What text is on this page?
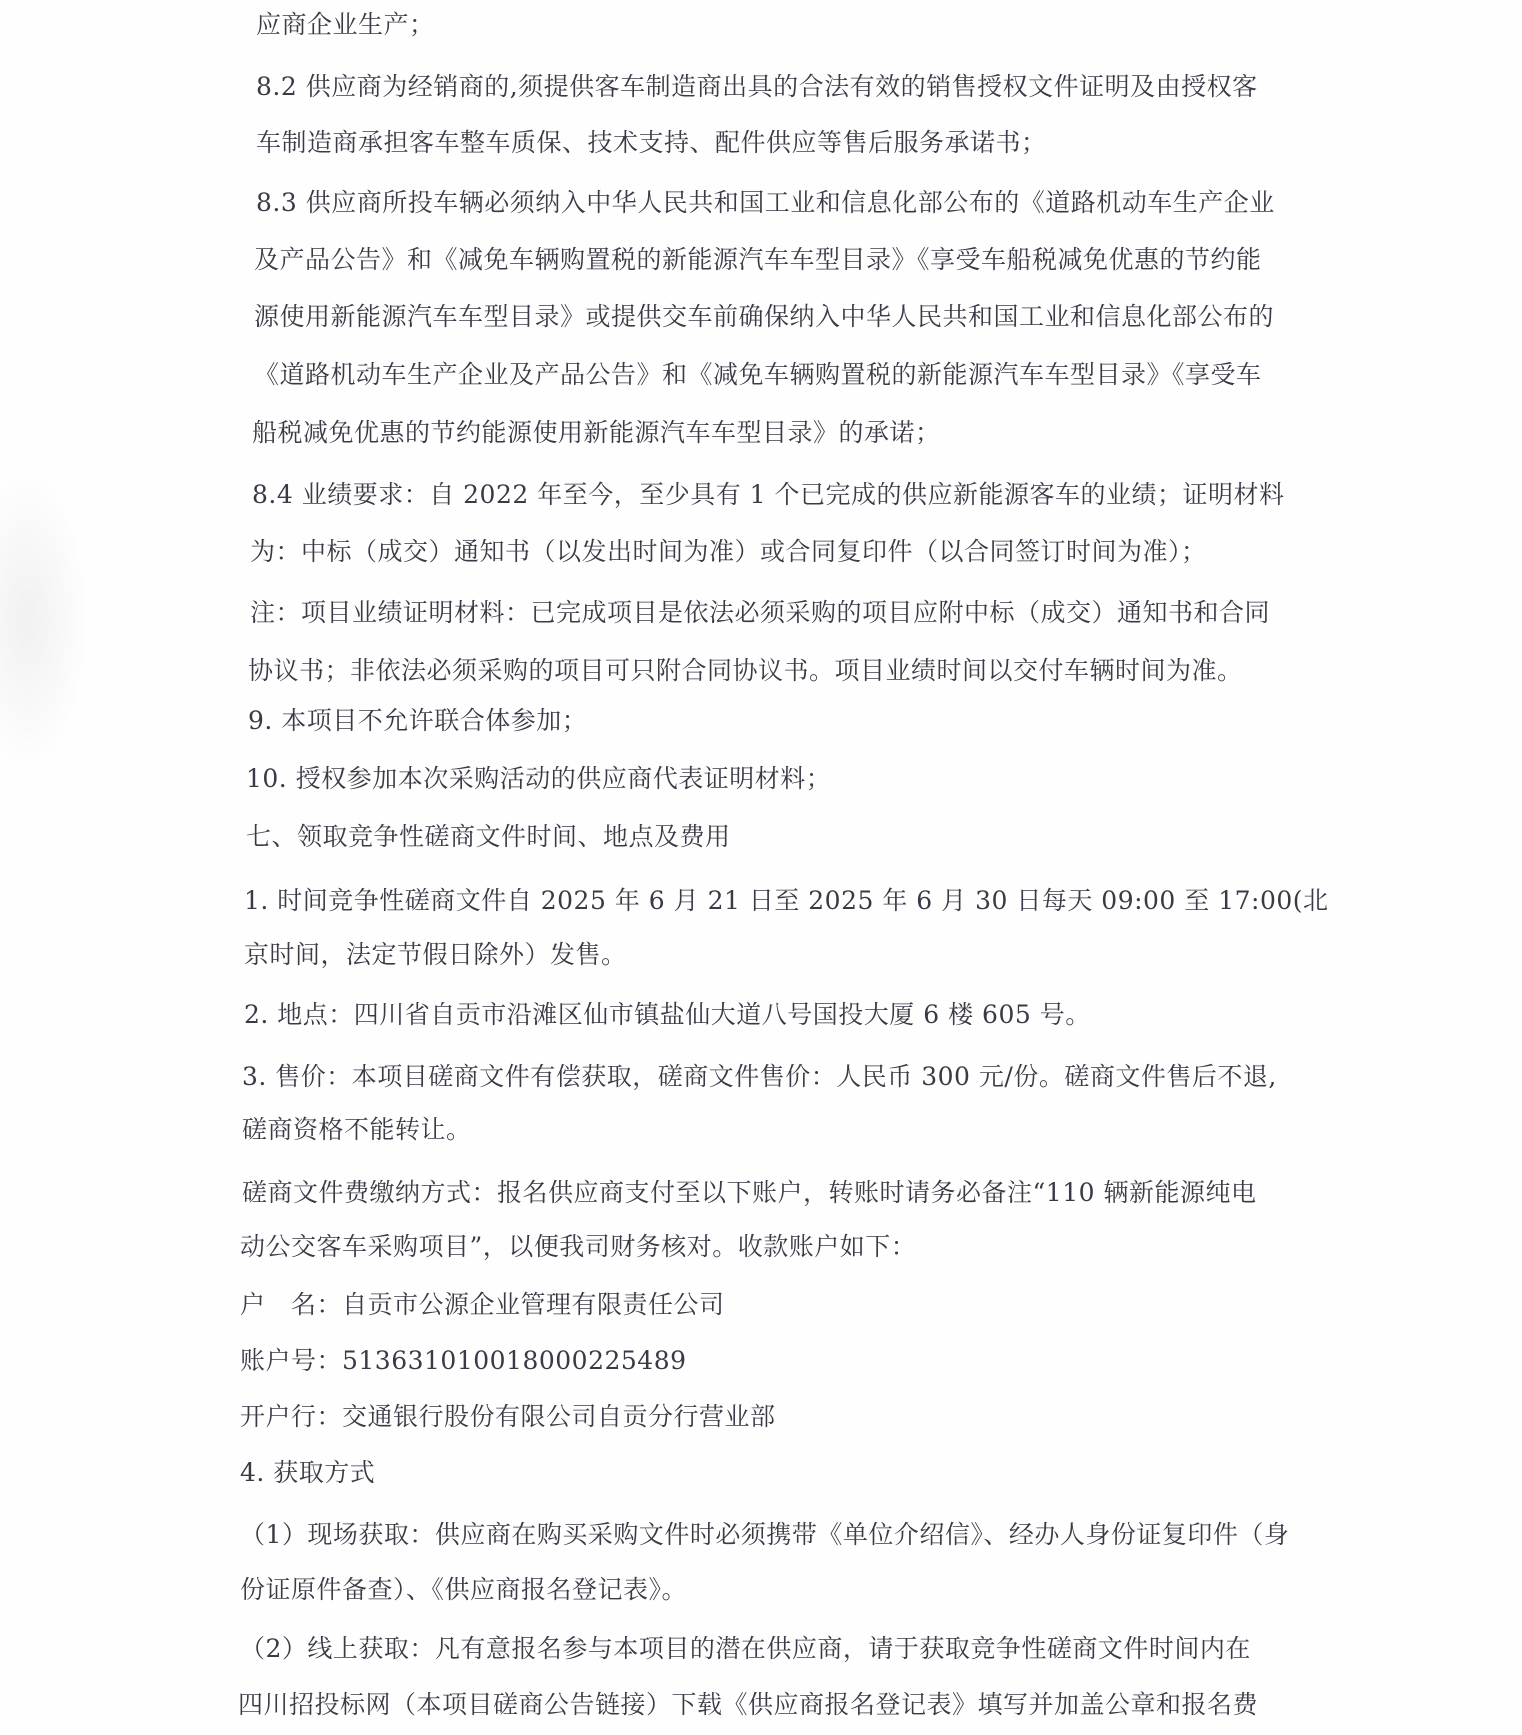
应商企业生产；
8.2 供应商为经销商的,须提供客车制造商出具的合法有效的销售授权文件证明及由授权客
车制造商承担客车整车质保、技术支持、配件供应等售后服务承诺书；
8.3 供应商所投车辆必须纳入中华人民共和国工业和信息化部公布的《道路机动车生产企业
及产品公告》和《减免车辆购置税的新能源汽车车型目录》《享受车船税减免优惠的节约能
源使用新能源汽车车型目录》或提供交车前确保纳入中华人民共和国工业和信息化部公布的
《道路机动车生产企业及产品公告》和《减免车辆购置税的新能源汽车车型目录》《享受车
船税减免优惠的节约能源使用新能源汽车车型目录》的承诺；
8.4 业绩要求：自 2022 年至今，至少具有 1 个已完成的供应新能源客车的业绩；证明材料
为：中标（成交）通知书（以发出时间为准）或合同复印件（以合同签订时间为准）；
注：项目业绩证明材料：已完成项目是依法必须采购的项目应附中标（成交）通知书和合同
协议书；非依法必须采购的项目可只附合同协议书。项目业绩时间以交付车辆时间为准。
9. 本项目不允许联合体参加；
10. 授权参加本次采购活动的供应商代表证明材料；
七、领取竞争性磋商文件时间、地点及费用
1. 时间竞争性磋商文件自 2025 年 6 月 21 日至 2025 年 6 月 30 日每天 09:00 至 17:00(北
京时间，法定节假日除外）发售。
2. 地点：四川省自贡市沿滩区仙市镇盐仙大道八号国投大厦 6 楼 605 号。
3. 售价：本项目磋商文件有偿获取，磋商文件售价：人民币 300 元/份。磋商文件售后不退,
磋商资格不能转让。
磋商文件费缴纳方式：报名供应商支付至以下账户，转账时请务必备注“110 辆新能源纯电
动公交客车采购项目”，以便我司财务核对。收款账户如下：
户　名：自贡市公源企业管理有限责任公司
账户号：513631010018000225489
开户行：交通银行股份有限公司自贡分行营业部
4. 获取方式
（1）现场获取：供应商在购买采购文件时必须携带《单位介绍信》、经办人身份证复印件（身
份证原件备查）、《供应商报名登记表》。
（2）线上获取：凡有意报名参与本项目的潜在供应商，请于获取竞争性磋商文件时间内在
四川招投标网（本项目磋商公告链接）下载《供应商报名登记表》填写并加盖公章和报名费
